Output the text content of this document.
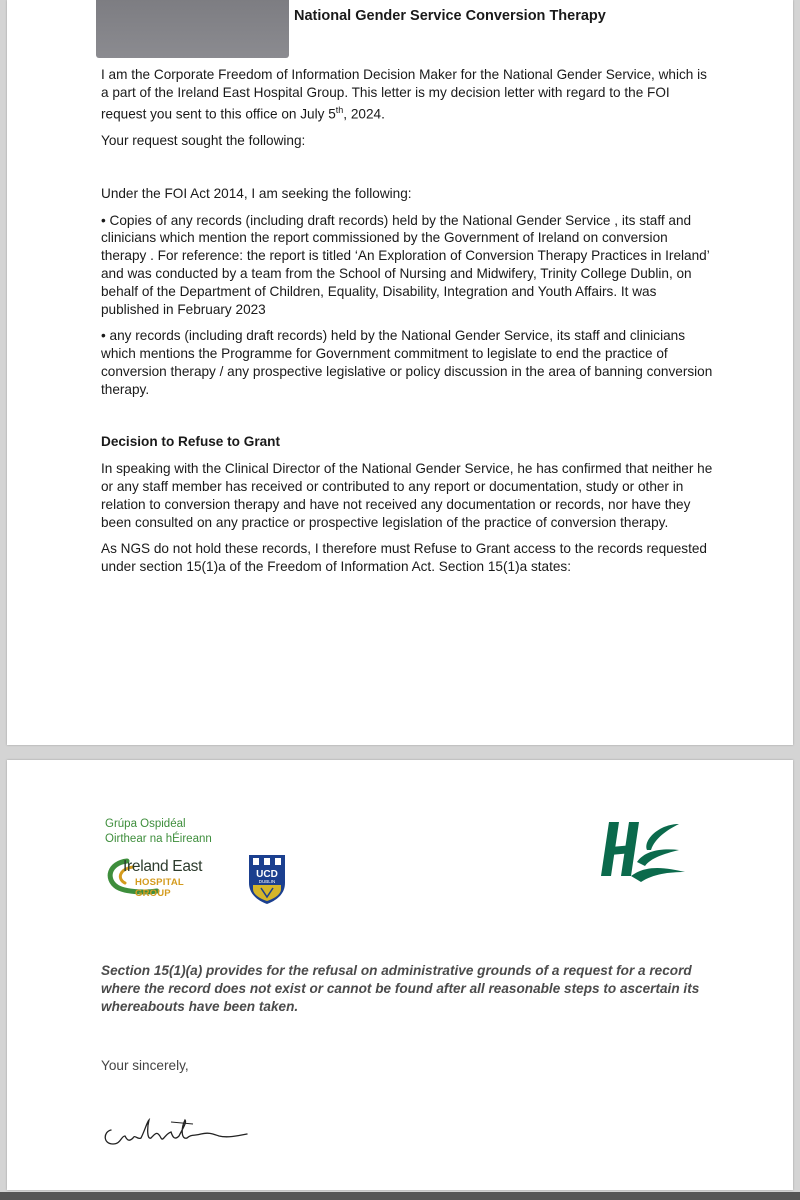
National Gender Service Conversion Therapy

I am the Corporate Freedom of Information Decision Maker for the National Gender Service, which is a part of the Ireland East Hospital Group. This letter is my decision letter with regard to the FOI request you sent to this office on July 5th, 2024.

Your request sought the following:

Under the FOI Act 2014, I am seeking the following:

• Copies of any records (including draft records) held by the National Gender Service , its staff and clinicians which mention the report commissioned by the Government of Ireland on conversion therapy . For reference: the report is titled ‘An Exploration of Conversion Therapy Practices in Ireland’ and was conducted by a team from the School of Nursing and Midwifery, Trinity College Dublin, on behalf of the Department of Children, Equality, Disability, Integration and Youth Affairs. It was published in February 2023

• any records (including draft records) held by the National Gender Service, its staff and clinicians which mentions the Programme for Government commitment to legislate to end the practice of conversion therapy / any prospective legislative or policy discussion in the area of banning conversion therapy.

Decision to Refuse to Grant

In speaking with the Clinical Director of the National Gender Service, he has confirmed that neither he or any staff member has received or contributed to any report or documentation, study or other in relation to conversion therapy and have not received any documentation or records, nor have they been consulted on any practice or prospective legislation of the practice of conversion therapy.

As NGS do not hold these records, I therefore must Refuse to Grant access to the records requested under section 15(1)a of the Freedom of Information Act. Section 15(1)a states:

Grúpa Ospidéal
Oirthear na hÉireann
Ireland East
HOSPITAL GROUP
UCD
DUBLIN
Section 15(1)(a) provides for the refusal on administrative grounds of a request for a record where the record does not exist or cannot be found after all reasonable steps to ascertain its whereabouts have been taken.
Your sincerely,
